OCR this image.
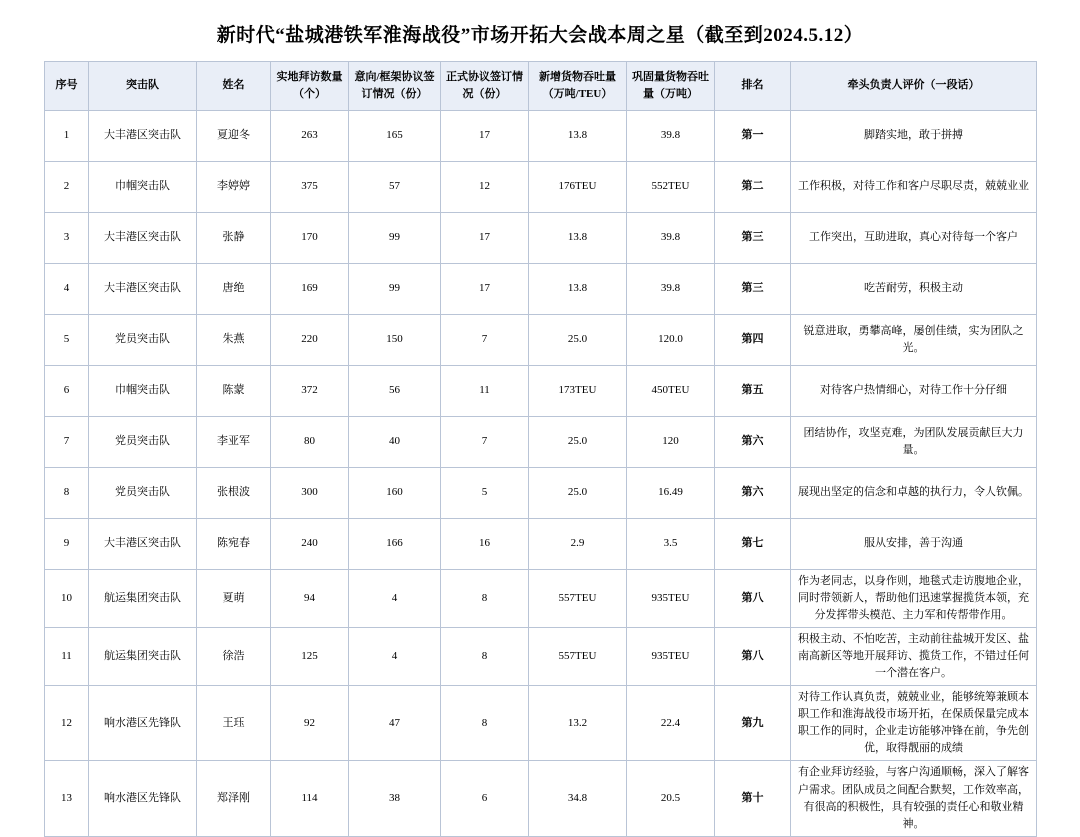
新时代“盐城港铁军淮海战役”市场开拓大会战本周之星（截至到2024.5.12）
序号	突击队	姓名	实地拜访数量（个）	意向/框架协议签订情况（份）	正式协议签订情况（份）	新增货物吞吐量（万吨/TEU）	巩固量货物吞吐量（万吨）	排名	牵头负责人评价（一段话）
1	大丰港区突击队	夏迎冬	263	165	17	13.8	39.8	第一	脚踏实地，敢于拼搏
2	巾帼突击队	李婷婷	375	57	12	176TEU	552TEU	第二	工作积极，对待工作和客户尽职尽责，兢兢业业
3	大丰港区突击队	张静	170	99	17	13.8	39.8	第三	工作突出，互助进取，真心对待每一个客户
4	大丰港区突击队	唐绝	169	99	17	13.8	39.8	第三	吃苦耐劳，积极主动
5	党员突击队	朱燕	220	150	7	25.0	120.0	第四	锐意进取，勇攀高峰，屡创佳绩，实为团队之光。
6	巾帼突击队	陈蒙	372	56	11	173TEU	450TEU	第五	对待客户热情细心，对待工作十分仔细
7	党员突击队	李亚军	80	40	7	25.0	120	第六	团结协作，攻坚克难，为团队发展贡献巨大力量。
8	党员突击队	张根波	300	160	5	25.0	16.49	第六	展现出坚定的信念和卓越的执行力，令人钦佩。
9	大丰港区突击队	陈宛春	240	166	16	2.9	3.5	第七	服从安排，善于沟通
10	航运集团突击队	夏萌	94	4	8	557TEU	935TEU	第八	作为老同志，以身作则，地毯式走访腹地企业，同时带领新人，帮助他们迅速掌握揽货本领，充分发挥带头模范、主力军和传帮带作用。
11	航运集团突击队	徐浩	125	4	8	557TEU	935TEU	第八	积极主动、不怕吃苦，主动前往盐城开发区、盐南高新区等地开展拜访、揽货工作，不错过任何一个潜在客户。
12	响水港区先锋队	王珏	92	47	8	13.2	22.4	第九	对待工作认真负责，兢兢业业，能够统筹兼顾本职工作和淮海战役市场开拓，在保质保量完成本职工作的同时，企业走访能够冲锋在前，争先创优，取得靓丽的成绩
13	响水港区先锋队	郑泽刚	114	38	6	34.8	20.5	第十	有企业拜访经验，与客户沟通顺畅，深入了解客户需求。团队成员之间配合默契，工作效率高，有很高的积极性，具有较强的责任心和敬业精神。
